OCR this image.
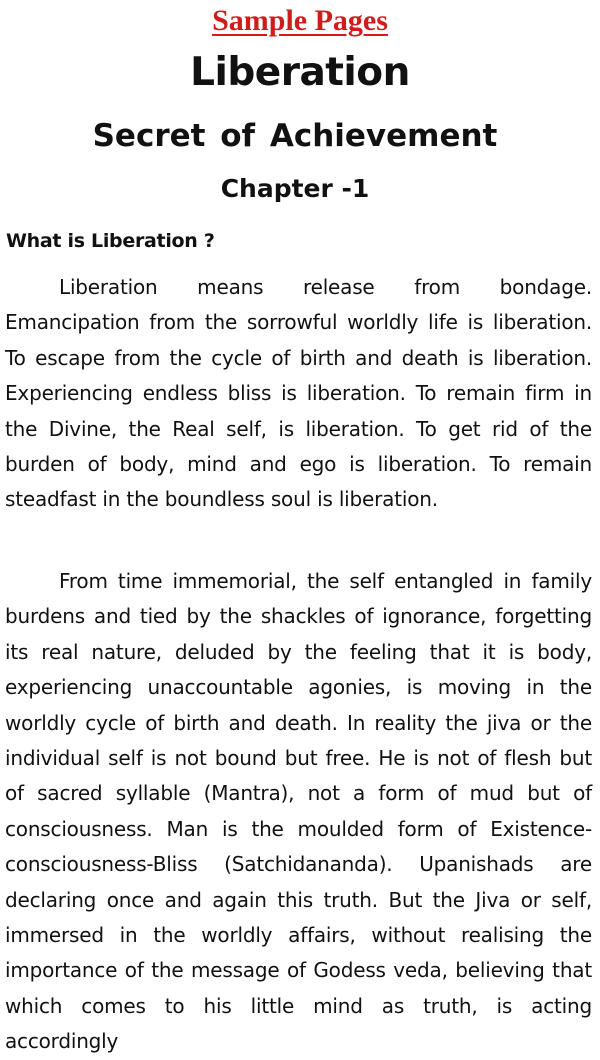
Sample Pages
Liberation
Secret of Achievement
Chapter -1
What is Liberation ?

Liberation means release from bondage. Emancipation from the sorrowful worldly life is liberation. To escape from the cycle of birth and death is liberation. Experiencing endless bliss is liberation. To remain firm in the Divine, the Real self, is liberation. To get rid of the burden of body, mind and ego is liberation. To remain steadfast in the boundless soul is liberation.

From time immemorial, the self entangled in family burdens and tied by the shackles of ignorance, forgetting its real nature, deluded by the feeling that it is body, experiencing unaccountable agonies, is moving in the worldly cycle of birth and death. In reality the jiva or the individual self is not bound but free. He is not of flesh but of sacred syllable (Mantra), not a form of mud but of consciousness. Man is the moulded form of Existence- consciousness-Bliss (Satchidananda). Upanishads are declaring once and again this truth. But the Jiva or self, immersed in the worldly affairs, without realising the importance of the message of Godess veda, believing that which comes to his little mind as truth, is acting accordingly
